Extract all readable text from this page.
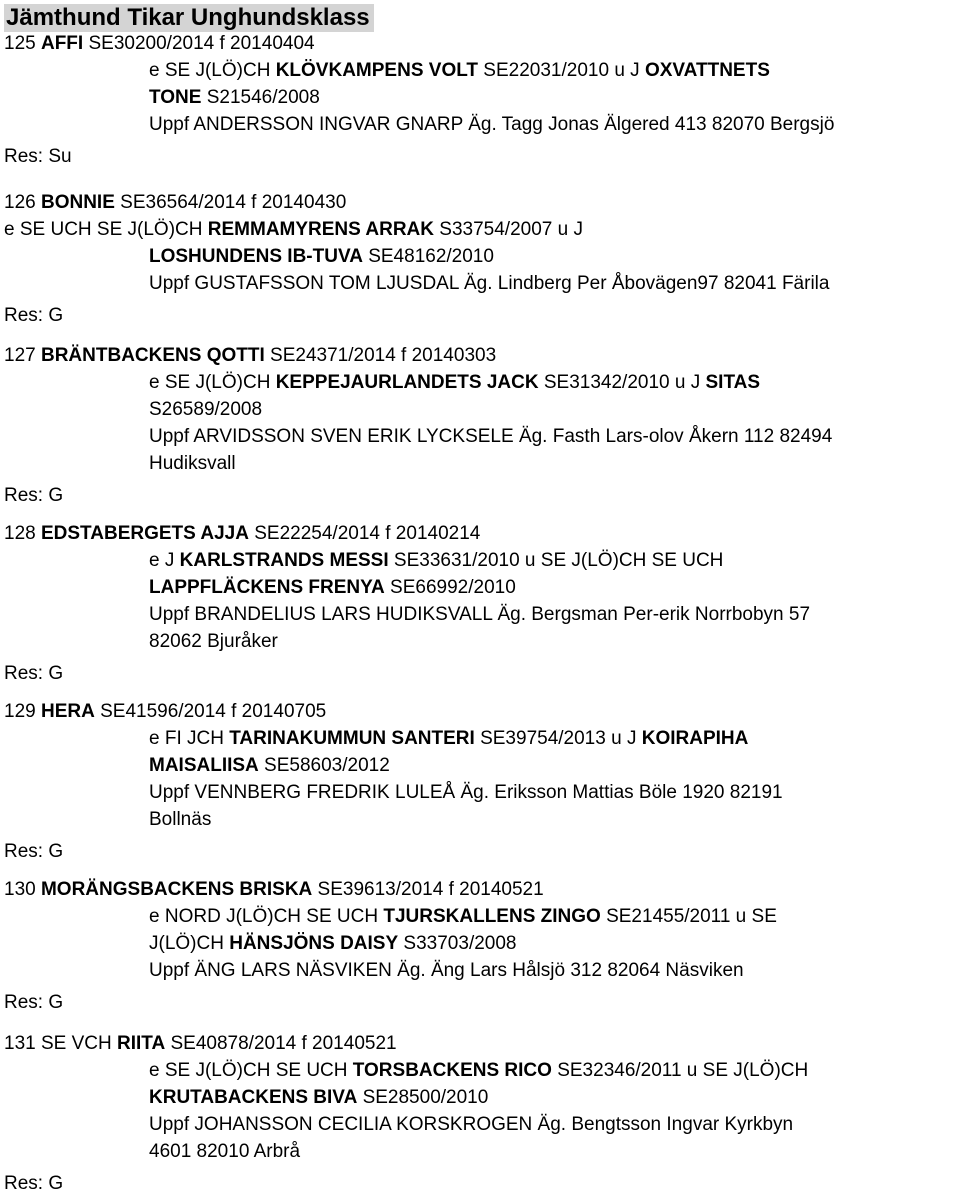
Jämthund Tikar Unghundsklass
125 AFFI SE30200/2014 f 20140404
e SE J(LÖ)CH KLÖVKAMPENS VOLT SE22031/2010 u J OXVATTNETS
TONE S21546/2008
Uppf ANDERSSON INGVAR GNARP Äg. Tagg Jonas Älgered 413 82070 Bergsjö
Res: Su
126 BONNIE SE36564/2014 f 20140430
e SE UCH SE J(LÖ)CH REMMAMYRENS ARRAK S33754/2007 u J
LOSHUNDENS IB-TUVA SE48162/2010
Uppf GUSTAFSSON TOM LJUSDAL Äg. Lindberg Per Åbovägen97 82041 Färila
Res: G
127 BRÄNTBACKENS QOTTI SE24371/2014 f 20140303
e SE J(LÖ)CH KEPPEJAURLANDETS JACK SE31342/2010 u J SITAS
S26589/2008
Uppf ARVIDSSON SVEN ERIK LYCKSELE Äg. Fasth Lars-olov Åkern 112 82494
Hudiksvall
Res: G
128 EDSTABERGETS AJJA SE22254/2014 f 20140214
e J KARLSTRANDS MESSI SE33631/2010 u SE J(LÖ)CH SE UCH
LAPPFLÄCKENS FRENYA SE66992/2010
Uppf BRANDELIUS LARS HUDIKSVALL Äg. Bergsman Per-erik Norrbobyn 57
82062 Bjuråker
Res: G
129 HERA SE41596/2014 f 20140705
e FI JCH TARINAKUMMUN SANTERI SE39754/2013 u J KOIRAPIHA
MAISALIISA SE58603/2012
Uppf VENNBERG FREDRIK LULEÅ Äg. Eriksson Mattias Böle 1920 82191
Bollnäs
Res: G
130 MORÄNGSBACKENS BRISKA SE39613/2014 f 20140521
e NORD J(LÖ)CH SE UCH TJURSKALLENS ZINGO SE21455/2011 u SE
J(LÖ)CH HÄNSJÖNS DAISY S33703/2008
Uppf ÄNG LARS NÄSVIKEN Äg. Äng Lars Hålsjö 312 82064 Näsviken
Res: G
131 SE VCH RIITA SE40878/2014 f 20140521
e SE J(LÖ)CH SE UCH TORSBACKENS RICO SE32346/2011 u SE J(LÖ)CH
KRUTABACKENS BIVA SE28500/2010
Uppf JOHANSSON CECILIA KORSKROGEN Äg. Bengtsson Ingvar Kyrkbyn
4601 82010 Arbrå
Res: G
